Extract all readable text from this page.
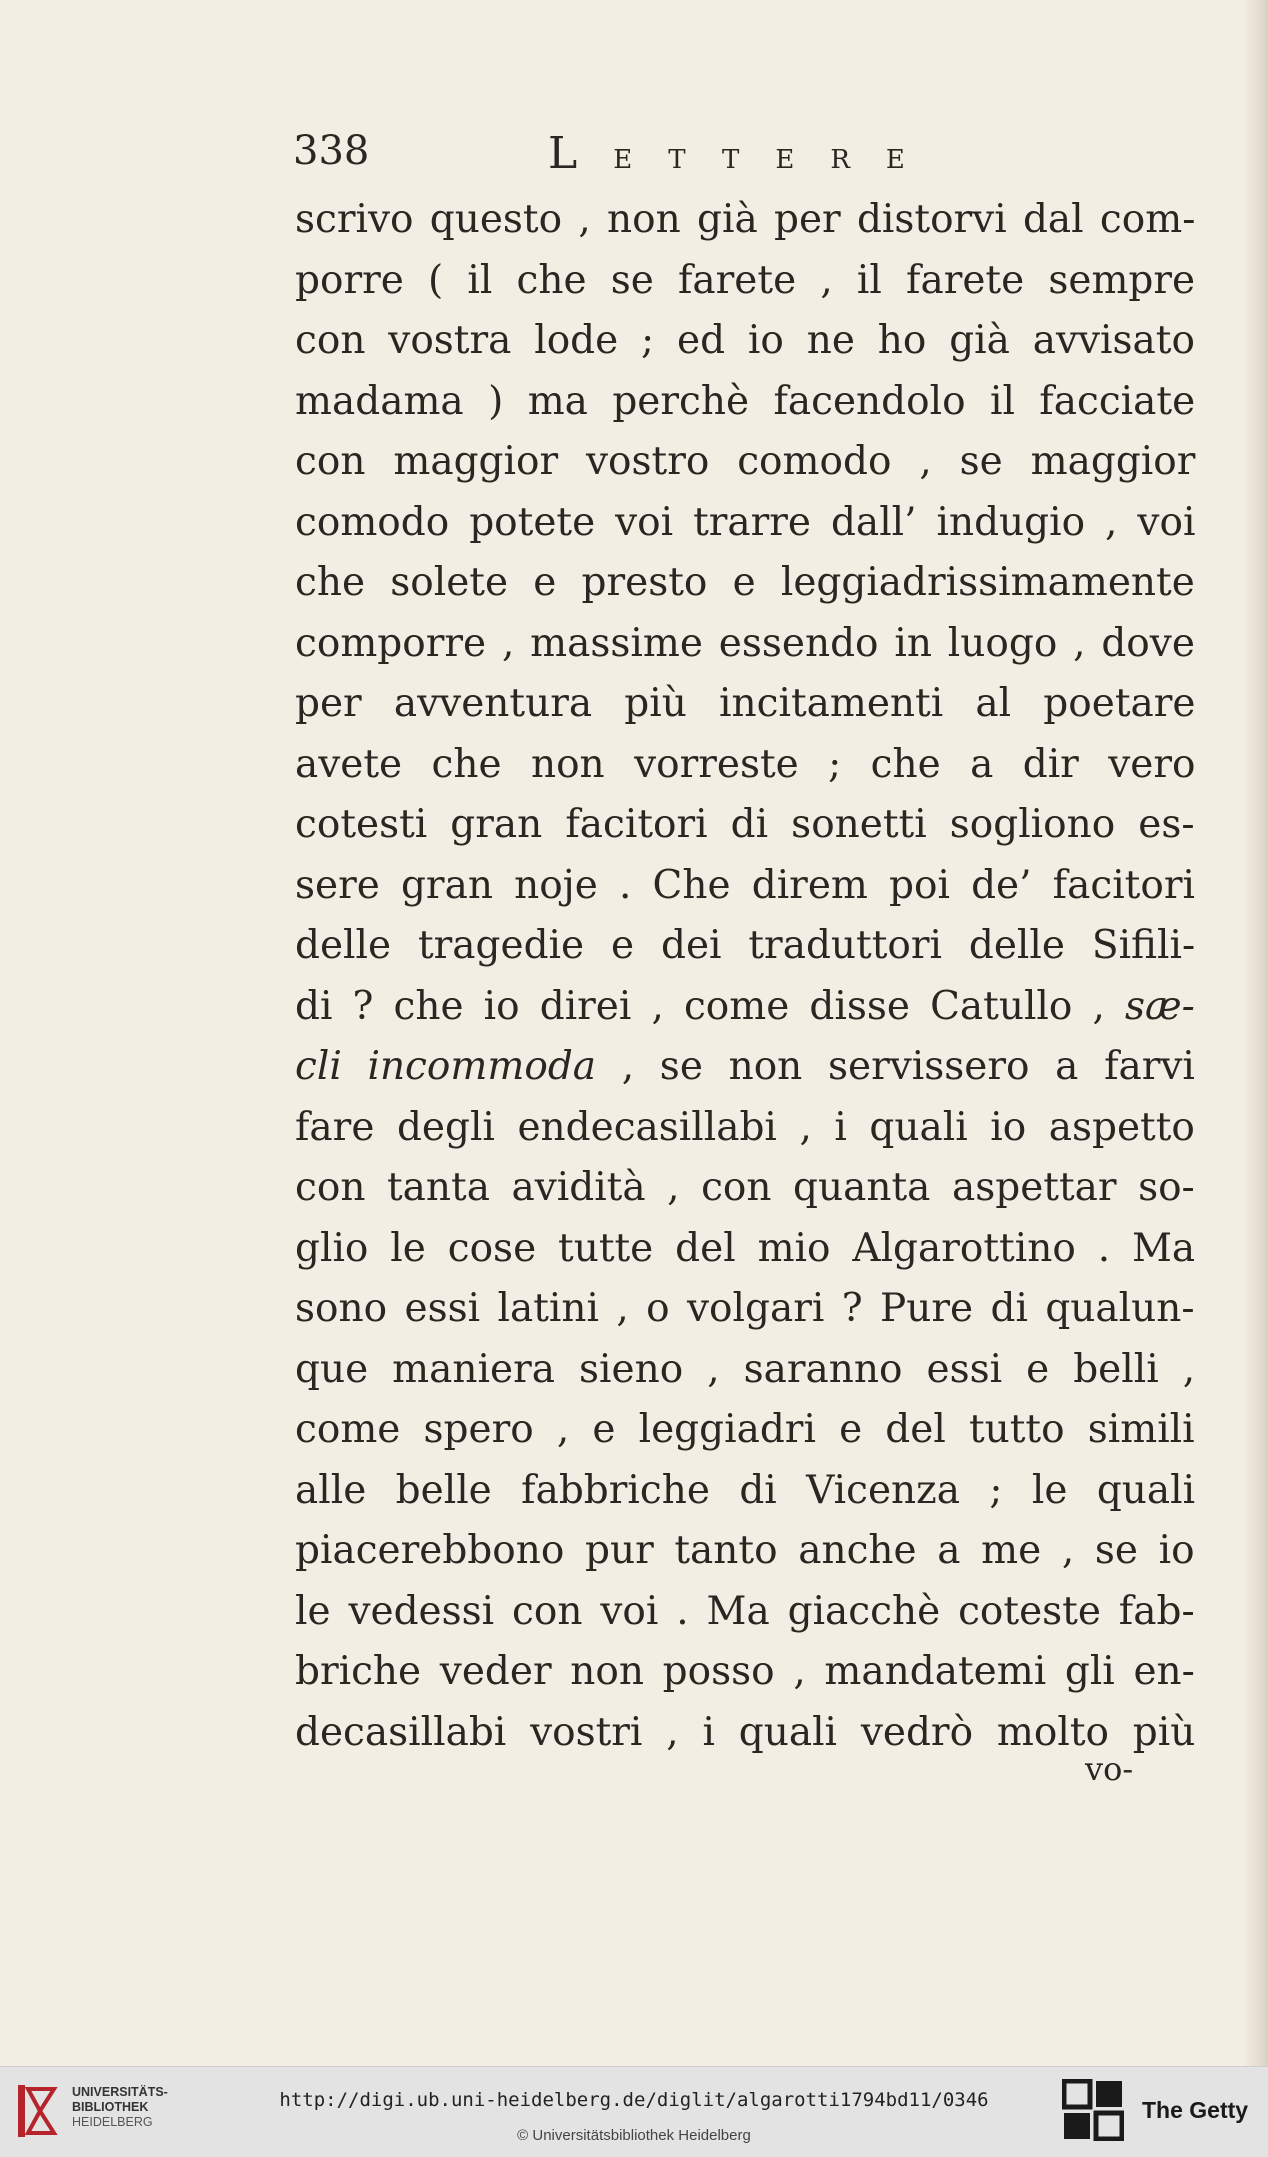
338	LETTERE
scrivo questo , non già per distorvi dal com-
porre ( il che se farete , il farete sempre
con vostra lode ; ed io ne ho già avvisato
madama ) ma perchè facendolo il facciate
con maggior vostro comodo , se maggior
comodo potete voi trarre dall’ indugio , voi
che solete e presto e leggiadrissimamente
comporre , massime essendo in luogo , dove
per avventura più incitamenti al poetare
avete che non vorreste ; che a dir vero
cotesti gran facitori di sonetti sogliono es-
sere gran noje . Che direm poi de’ facitori
delle tragedie e dei traduttori delle Sifili-
di ? che io direi , come disse Catullo , sæ-
cli incommoda , se non servissero a farvi
fare degli endecasillabi , i quali io aspetto
con tanta avidità , con quanta aspettar so-
glio le cose tutte del mio Algarottino . Ma
sono essi latini , o volgari ? Pure di qualun-
que maniera sieno , saranno essi e belli ,
come spero , e leggiadri e del tutto simili
alle belle fabbriche di Vicenza ; le quali
piacerebbono pur tanto anche a me , se io
le vedessi con voi . Ma giacchè coteste fab-
briche veder non posso , mandatemi gli en-
decasillabi vostri , i quali vedrò molto più
vo-
UNIVERSITÄTS-
BIBLIOTHEK
HEIDELBERG
http://digi.ub.uni-heidelberg.de/diglit/algarotti1794bd11/0346
© Universitätsbibliothek Heidelberg
The Getty
